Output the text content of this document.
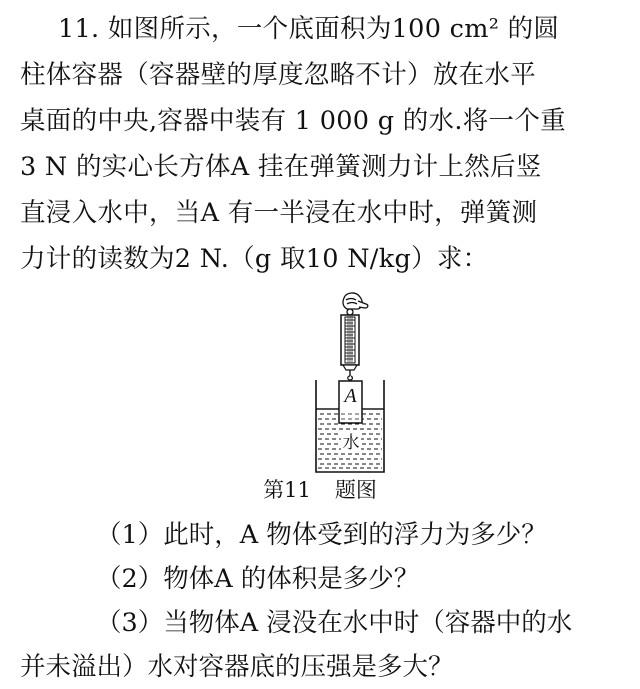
11. 如图所示，一个底面积为100 cm² 的圆
柱体容器（容器壁的厚度忽略不计）放在水平
桌面的中央,容器中装有 1 000 g 的水.将一个重
3 N 的实心长方体A 挂在弹簧测力计上然后竖
直浸入水中，当A 有一半浸在水中时，弹簧测
力计的读数为2 N.（g 取10 N/kg）求：
A
水
第11 题图
（1）此时，A 物体受到的浮力为多少？
（2）物体A 的体积是多少？
（3）当物体A 浸没在水中时（容器中的水
并未溢出）水对容器底的压强是多大？
